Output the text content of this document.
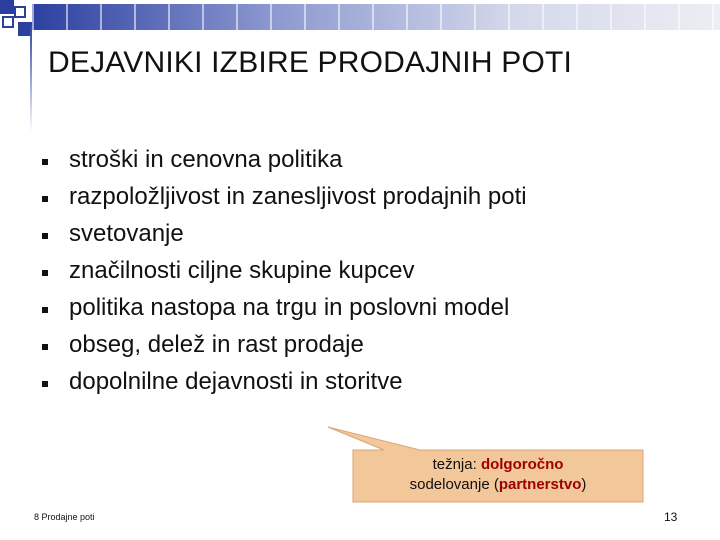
DEJAVNIKI IZBIRE PRODAJNIH POTI
stroški in cenovna politika
razpoložljivost in zanesljivost prodajnih poti
svetovanje
značilnosti ciljne skupine kupcev
politika nastopa na trgu in poslovni model
obseg, delež in rast prodaje
dopolnilne dejavnosti in storitve
težnja: dolgoročno
sodelovanje (partnerstvo)
8 Prodajne poti	13
